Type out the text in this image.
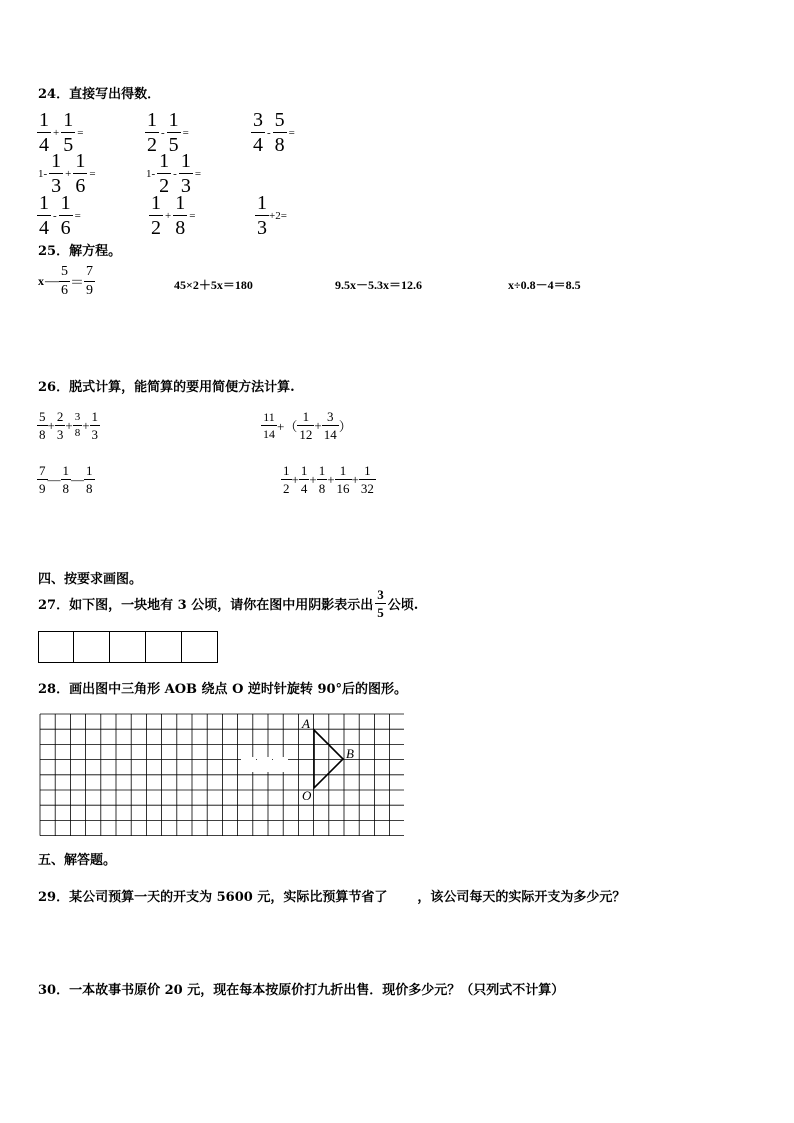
24．直接写出得数．
$\frac{1}{4} + \frac{1}{5}$ =	$\frac{1}{2} - \frac{1}{5}$ =	$\frac{3}{4} - \frac{5}{8}$ =
$1- \frac{1}{3} + \frac{1}{6}$ =	$1- \frac{1}{2} - \frac{1}{3}$ =
$\frac{1}{4} - \frac{1}{6}$ =	$\frac{1}{2} + \frac{1}{8}$ =	$\frac{1}{3} +2=$
25．解方程。
x — $\frac{5}{6} = \frac{7}{9}$	45×2＋5x＝180	9.5x－5.3x＝12.6	x÷0.8－4＝8.5
26．脱式计算，能简算的要用简便方法计算.
$\frac{5}{8} + \frac{2}{3} + \frac{3}{8} + \frac{1}{3}$	$\frac{11}{14}$ +（ $\frac{1}{12} + \frac{3}{14}$ ）
$\frac{7}{9}$ — $\frac{1}{8}$ — $\frac{1}{8}$	$\frac{1}{2} + \frac{1}{4} + \frac{1}{8} + \frac{1}{16} + \frac{1}{32}$
四、按要求画图。
27．如下图，一块地有 3 公顷，请你在图中用阴影表示出 $\frac{3}{5}$ 公顷.
28．画出图中三角形 AOB 绕点 O 逆时针旋转 90°后的图形。
A
B
O
五、解答题。
29．某公司预算一天的开支为 5600 元，实际比预算节省了 ，该公司每天的实际开支为多少元？
30．一本故事书原价 20 元，现在每本按原价打九折出售．现价多少元？（只列式不计算）
